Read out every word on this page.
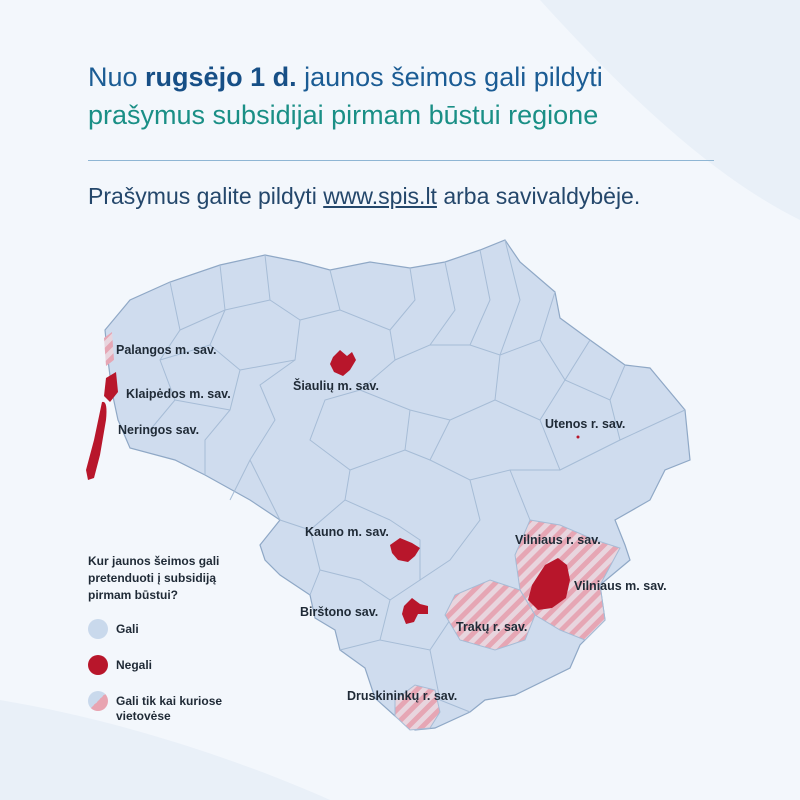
Nuo rugsėjo 1 d. jaunos šeimos gali pildyti
prašymus subsidijai pirmam būstui regione
Prašymus galite pildyti www.spis.lt arba savivaldybėje.
Palangos m. sav.
Klaipėdos m. sav.
Neringos sav.
Šiaulių m. sav.
Utenos r. sav.
Kauno m. sav.
Vilniaus r. sav.
Vilniaus m. sav.
Birštono sav.
Trakų r. sav.
Druskininkų r. sav.
Kur jaunos šeimos gali pretenduoti į subsidiją pirmam būstui?
Gali
Negali
Gali tik kai kuriose vietovėse
